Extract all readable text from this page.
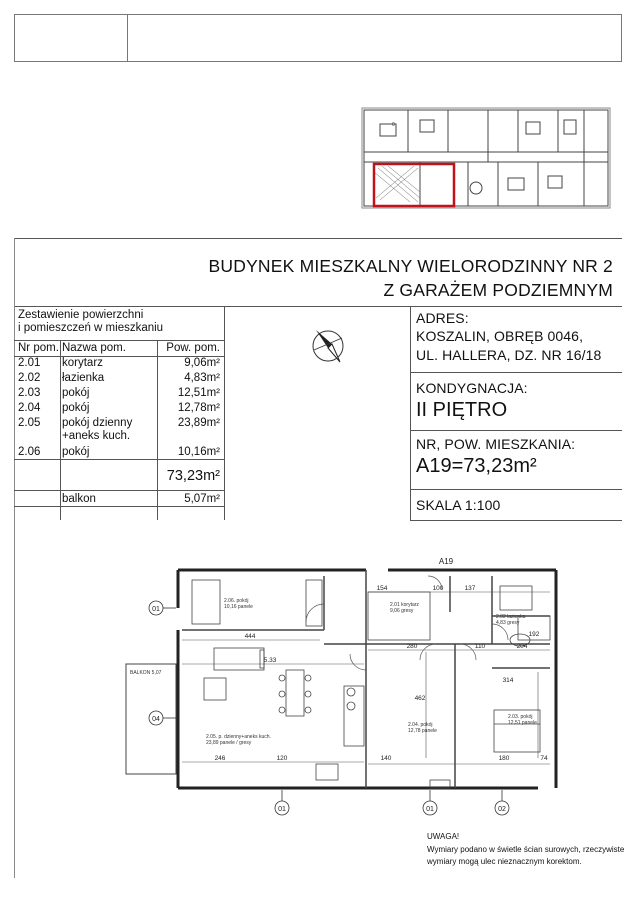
0
BUDYNEK MIESZKALNY WIELORODZINNY NR 2
Z GARAŻEM PODZIEMNYM
Zestawienie powierzchni
i pomieszczeń w mieszkaniu
Nr pom. Nazwa pom.	Pow. pom.
2.01 korytarz	9,06m²
2.02 łazienka	4,83m²
2.03 pokój	12,51m²
2.04 pokój	12,78m²
2.05 pokój dzienny	23,89m²
+aneks kuch.
2.06 pokój	10,16m²
73,23m²
balkon	5,07m²
ADRES:
KOSZALIN, OBRĘB 0046,
UL. HALLERA, DZ. NR 16/18
KONDYGNACJA:
II PIĘTRO
NR, POW. MIESZKANIA:
A19=73,23m²
SKALA 1:100
01
04
01	01	02
A19
2.06. pokój
10,16 panele	2.01 korytarz
9,06 gresy
2.02 łazienka
4,83 gresy
2.05. p. dzienny+aneks kuch.
23,89 panele / gresy
2.04. pokój
12,78 panele
2.03. pokój
12,51 panele
BALKON 5,07
444
5.33
246	120
154	100	137
280	110	204
314
140	180	74
462
192
UWAGA!
Wymiary podano w świetle ścian surowych, rzeczywiste wymiary mogą ulec nieznacznym korektom.
